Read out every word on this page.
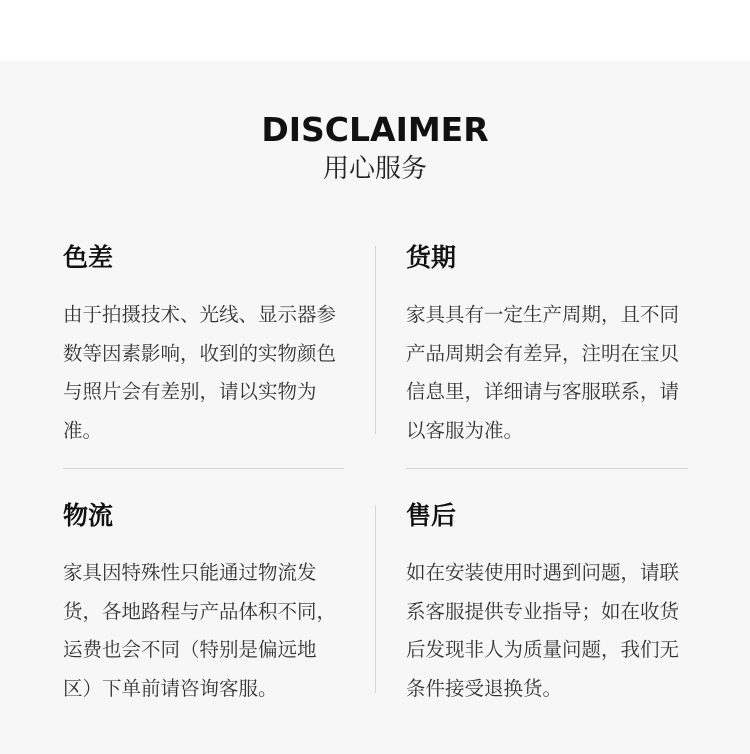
DISCLAIMER
用心服务
色差

由于拍摄技术、光线、显示器参数等因素影响，收到的实物颜色与照片会有差别，请以实物为准。

货期

家具具有一定生产周期，且不同产品周期会有差异，注明在宝贝信息里，详细请与客服联系，请以客服为准。

物流

家具因特殊性只能通过物流发货，各地路程与产品体积不同，运费也会不同（特别是偏远地区）下单前请咨询客服。

售后

如在安装使用时遇到问题，请联系客服提供专业指导；如在收货后发现非人为质量问题，我们无条件接受退换货。
